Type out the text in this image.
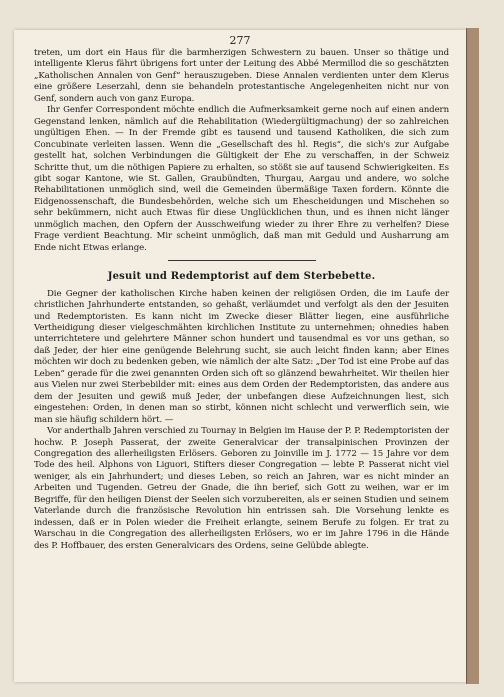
277

treten, um dort ein Haus für die barmherzigen Schwestern zu bauen. Unser so thätige und intelligente Klerus fährt übrigens fort unter der Leitung des Abbé Mermillod die so geschätzten „Katholischen Annalen von Genf“ herauszugeben. Diese Annalen verdienten unter dem Klerus eine größere Leserzahl, denn sie behandeln protestantische Angelegenheiten nicht nur von Genf, sondern auch von ganz Europa.

Ihr Genfer Correspondent möchte endlich die Aufmerksamkeit gerne noch auf einen andern Gegenstand lenken, nämlich auf die Rehabilitation (Wiedergültigmachung) der so zahlreichen ungültigen Ehen. — In der Fremde gibt es tausend und tausend Katholiken, die sich zum Concubinate verleiten lassen. Wenn die „Gesellschaft des hl. Regis“, die sich's zur Aufgabe gestellt hat, solchen Verbindungen die Gültigkeit der Ehe zu verschaffen, in der Schweiz Schritte thut, um die nöthigen Papiere zu erhalten, so stößt sie auf tausend Schwierigkeiten. Es gibt sogar Kantone, wie St. Gallen, Graubündten, Thurgau, Aargau und andere, wo solche Rehabilitationen unmöglich sind, weil die Gemeinden übermäßige Taxen fordern. Könnte die Eidgenossenschaft, die Bundesbehörden, welche sich um Ehescheidungen und Mischehen so sehr bekümmern, nicht auch Etwas für diese Unglücklichen thun, und es ihnen nicht länger unmöglich machen, den Opfern der Ausschweifung wieder zu ihrer Ehre zu verhelfen? Diese Frage verdient Beachtung. Mir scheint unmöglich, daß man mit Geduld und Ausharrung am Ende nicht Etwas erlange.

Jesuit und Redemptorist auf dem Sterbebette.

Die Gegner der katholischen Kirche haben keinen der religiösen Orden, die im Laufe der christlichen Jahrhunderte entstanden, so gehaßt, verläumdet und verfolgt als den der Jesuiten und Redemptoristen. Es kann nicht im Zwecke dieser Blätter liegen, eine ausführliche Vertheidigung dieser vielgeschmähten kirchlichen Institute zu unternehmen; ohnedies haben unterrichtetere und gelehrtere Männer schon hundert und tausendmal es vor uns gethan, so daß Jeder, der hier eine genügende Belehrung sucht, sie auch leicht finden kann; aber Eines möchten wir doch zu bedenken geben, wie nämlich der alte Satz: „Der Tod ist eine Probe auf das Leben“ gerade für die zwei genannten Orden sich oft so glänzend bewahrheitet. Wir theilen hier aus Vielen nur zwei Sterbebilder mit: eines aus dem Orden der Redemptoristen, das andere aus dem der Jesuiten und gewiß muß Jeder, der unbefangen diese Aufzeichnungen liest, sich eingestehen: Orden, in denen man so stirbt, können nicht schlecht und verwerflich sein, wie man sie häufig schildern hört. —

Vor anderthalb Jahren verschied zu Tournay in Belgien im Hause der P. P. Redemptoristen der hochw. P. Joseph Passerat, der zweite Generalvicar der transalpinischen Provinzen der Congregation des allerheiligsten Erlösers. Geboren zu Joinville im J. 1772 — 15 Jahre vor dem Tode des heil. Alphons von Liguori, Stifters dieser Congregation — lebte P. Passerat nicht viel weniger, als ein Jahrhundert; und dieses Leben, so reich an Jahren, war es nicht minder an Arbeiten und Tugenden. Getreu der Gnade, die ihn berief, sich Gott zu weihen, war er im Begriffe, für den heiligen Dienst der Seelen sich vorzubereiten, als er seinen Studien und seinem Vaterlande durch die französische Revolution hin entrissen sah. Die Vorsehung lenkte es indessen, daß er in Polen wieder die Freiheit erlangte, seinem Berufe zu folgen. Er trat zu Warschau in die Congregation des allerheiligsten Erlösers, wo er im Jahre 1796 in die Hände des P. Hoffbauer, des ersten Generalvicars des Ordens, seine Gelübde ablegte.
